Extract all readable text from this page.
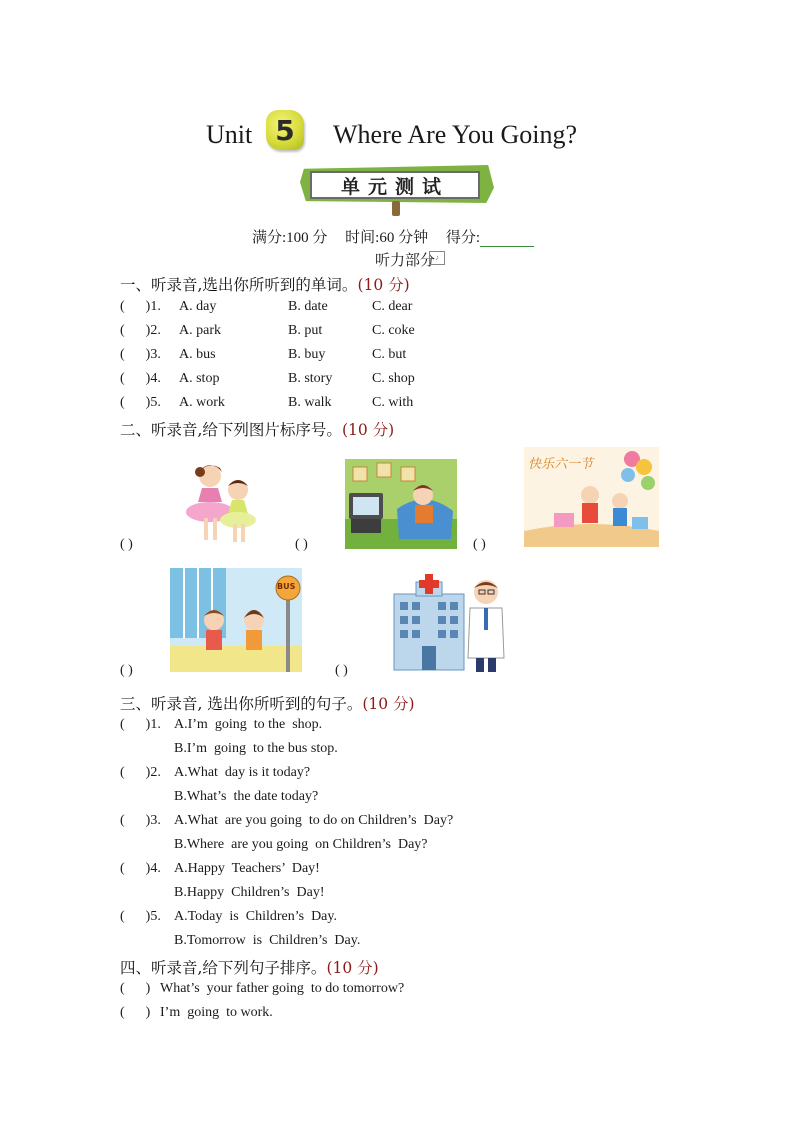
Unit 5	Where Are You Going?
单元测试
满分:100 分 时间:60 分钟 得分:
听力部分 ♪
一、听录音,选出你所听到的单词。(10 分)
(      )1. A. day	B. date	C. dear
(      )2. A. park	B. put	C. coke
(      )3. A. bus	B. buy	C. but
(      )4. A. stop	B. story	C. shop
(      )5. A. work	B. walk	C. with
二、听录音,给下列图片标序号。(10 分)
( )	( )
快乐六一节
( )
BUS
( )	( )
三、听录音, 选出你所听到的句子。(10 分)
(      )1. A.I’m  going  to the  shop.
B.I’m  going  to the bus stop.
(      )2. A.What  day is it today?
B.What’s  the date today?
(      )3. A.What  are you going  to do on Children’s  Day?
B.Where  are you going  on Children’s  Day?
(      )4. A.Happy  Teachers’  Day!
B.Happy  Children’s  Day!
(      )5. A.Today  is  Children’s  Day.
B.Tomorrow  is  Children’s  Day.
四、听录音,给下列句子排序。(10 分)
(      ) What’s  your father going  to do tomorrow?
(      ) I’m  going  to work.
